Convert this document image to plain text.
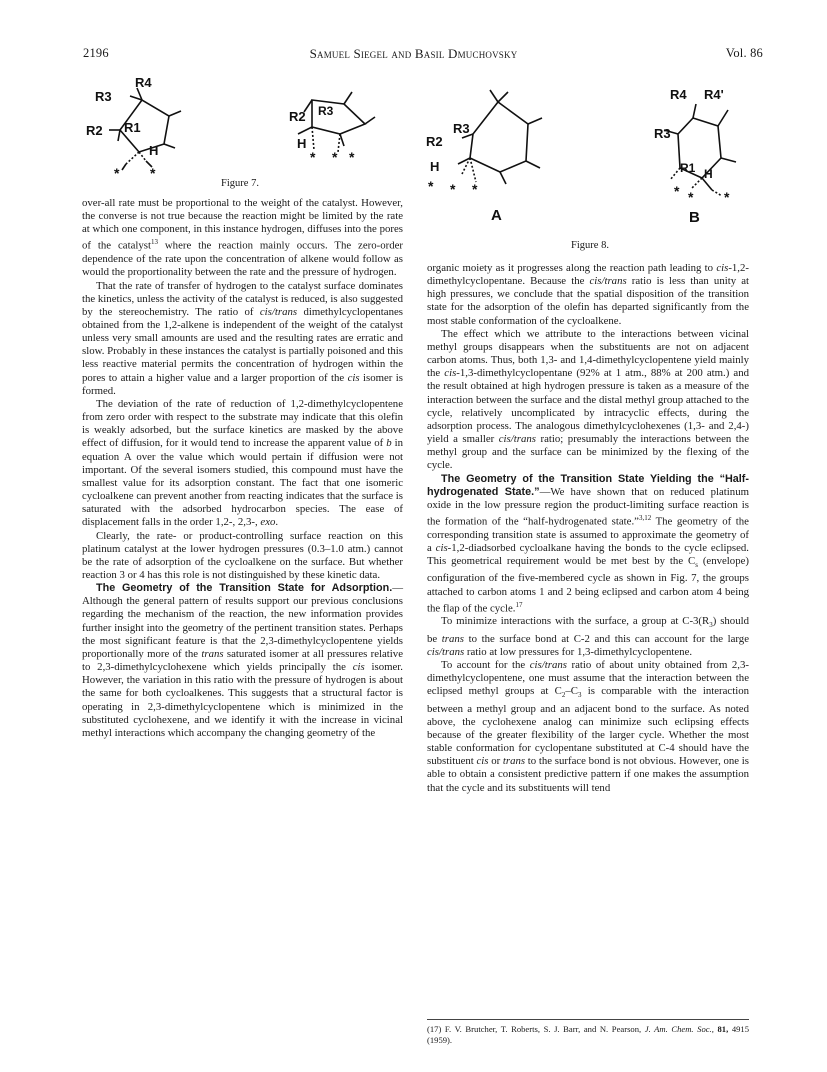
2196	Samuel Siegel and Basil Dmuchovsky	Vol. 86
R3
R4
R2 R1
H
* *
R3
R2
H
* * *
Figure 7.
R3
R2
H
* * *
A
R4 R4'
R3
R1 H
* * *
B
Figure 8.

over-all rate must be proportional to the weight of the catalyst. However, the converse is not true because the reaction might be limited by the rate at which one component, in this instance hydrogen, diffuses into the pores of the catalyst$^{13}$ where the reaction mainly occurs. The zero-order dependence of the rate upon the concentration of alkene would follow as would the proportionality between the rate and the pressure of hydrogen.

That the rate of transfer of hydrogen to the catalyst surface dominates the kinetics, unless the activity of the catalyst is reduced, is also suggested by the stereochemistry. The ratio of cis/trans dimethylcyclopentanes obtained from the 1,2-alkene is independent of the weight of the catalyst unless very small amounts are used and the resulting rates are erratic and slow. Probably in these instances the catalyst is partially poisoned and this less reactive material permits the concentration of hydrogen within the pores to attain a higher value and a larger proportion of the cis isomer is formed.

The deviation of the rate of reduction of 1,2-dimethylcyclopentene from zero order with respect to the substrate may indicate that this olefin is weakly adsorbed, but the surface kinetics are masked by the above effect of diffusion, for it would tend to increase the apparent value of b in equation A over the value which would pertain if diffusion were not important. Of the several isomers studied, this compound must have the smallest value for its adsorption constant. The fact that one isomeric cycloalkene can prevent another from reacting indicates that the surface is saturated with the adsorbed hydrocarbon species. The ease of displacement falls in the order 1,2-, 2,3-, exo.

Clearly, the rate- or product-controlling surface reaction on this platinum catalyst at the lower hydrogen pressures (0.3–1.0 atm.) cannot be the rate of adsorption of the cycloalkene on the surface. But whether reaction 3 or 4 has this role is not distinguished by these kinetic data.

The Geometry of the Transition State for Adsorption.—Although the general pattern of results support our previous conclusions regarding the mechanism of the reaction, the new information provides further insight into the geometry of the pertinent transition states. Perhaps the most significant feature is that the 2,3-dimethylcyclopentene yields proportionally more of the trans saturated isomer at all pressures relative to 2,3-dimethylcyclohexene which yields principally the cis isomer. However, the variation in this ratio with the pressure of hydrogen is about the same for both cycloalkenes. This suggests that a structural factor is operating in 2,3-dimethylcyclopentene which is minimized in the substituted cyclohexene, and we identify it with the increase in vicinal methyl interactions which accompany the changing geometry of the

organic moiety as it progresses along the reaction path leading to cis-1,2-dimethylcyclopentane. Because the cis/trans ratio is less than unity at high pressures, we conclude that the spatial disposition of the transition state for the adsorption of the olefin has departed significantly from the most stable conformation of the cycloalkene.

The effect which we attribute to the interactions between vicinal methyl groups disappears when the substituents are not on adjacent carbon atoms. Thus, both 1,3- and 1,4-dimethylcyclopentene yield mainly the cis-1,3-dimethylcyclopentane (92% at 1 atm., 88% at 200 atm.) and the result obtained at high hydrogen pressure is taken as a measure of the interaction between the surface and the distal methyl group attached to the cycle, relatively uncomplicated by intracyclic effects, during the adsorption process. The analogous dimethylcyclohexenes (1,3- and 2,4-) yield a smaller cis/trans ratio; presumably the interactions between the methyl group and the surface can be minimized by the flexing of the cycle.

The Geometry of the Transition State Yielding the “Half-hydrogenated State.”—We have shown that on reduced platinum oxide in the low pressure region the product-limiting surface reaction is the formation of the “half-hydrogenated state.”$^{3,12}$ The geometry of the corresponding transition state is assumed to approximate the geometry of a cis-1,2-diadsorbed cycloalkane having the bonds to the cycle eclipsed. This geometrical requirement would be met best by the $C_s$ (envelope) configuration of the five-membered cycle as shown in Fig. 7, the groups attached to carbon atoms 1 and 2 being eclipsed and carbon atom 4 being the flap of the cycle.$^{17}$

To minimize interactions with the surface, a group at $C-3(R_3)$ should be trans to the surface bond at C-2 and this can account for the large cis/trans ratio at low pressures for 1,3-dimethylcyclopentene.

To account for the cis/trans ratio of about unity obtained from 2,3-dimethylcyclopentene, one must assume that the interaction between the eclipsed methyl groups at $C_2-C_3$ is comparable with the interaction between a methyl group and an adjacent bond to the surface. As noted above, the cyclohexene analog can minimize such eclipsing effects because of the greater flexibility of the larger cycle. Whether the most stable conformation for cyclopentane substituted at C-4 should have the substituent cis or trans to the surface bond is not obvious. However, one is able to obtain a consistent predictive pattern if one makes the assumption that the cycle and its substituents will tend

(17) F. V. Brutcher, T. Roberts, S. J. Barr, and N. Pearson, J. Am. Chem. Soc., 81, 4915 (1959).
